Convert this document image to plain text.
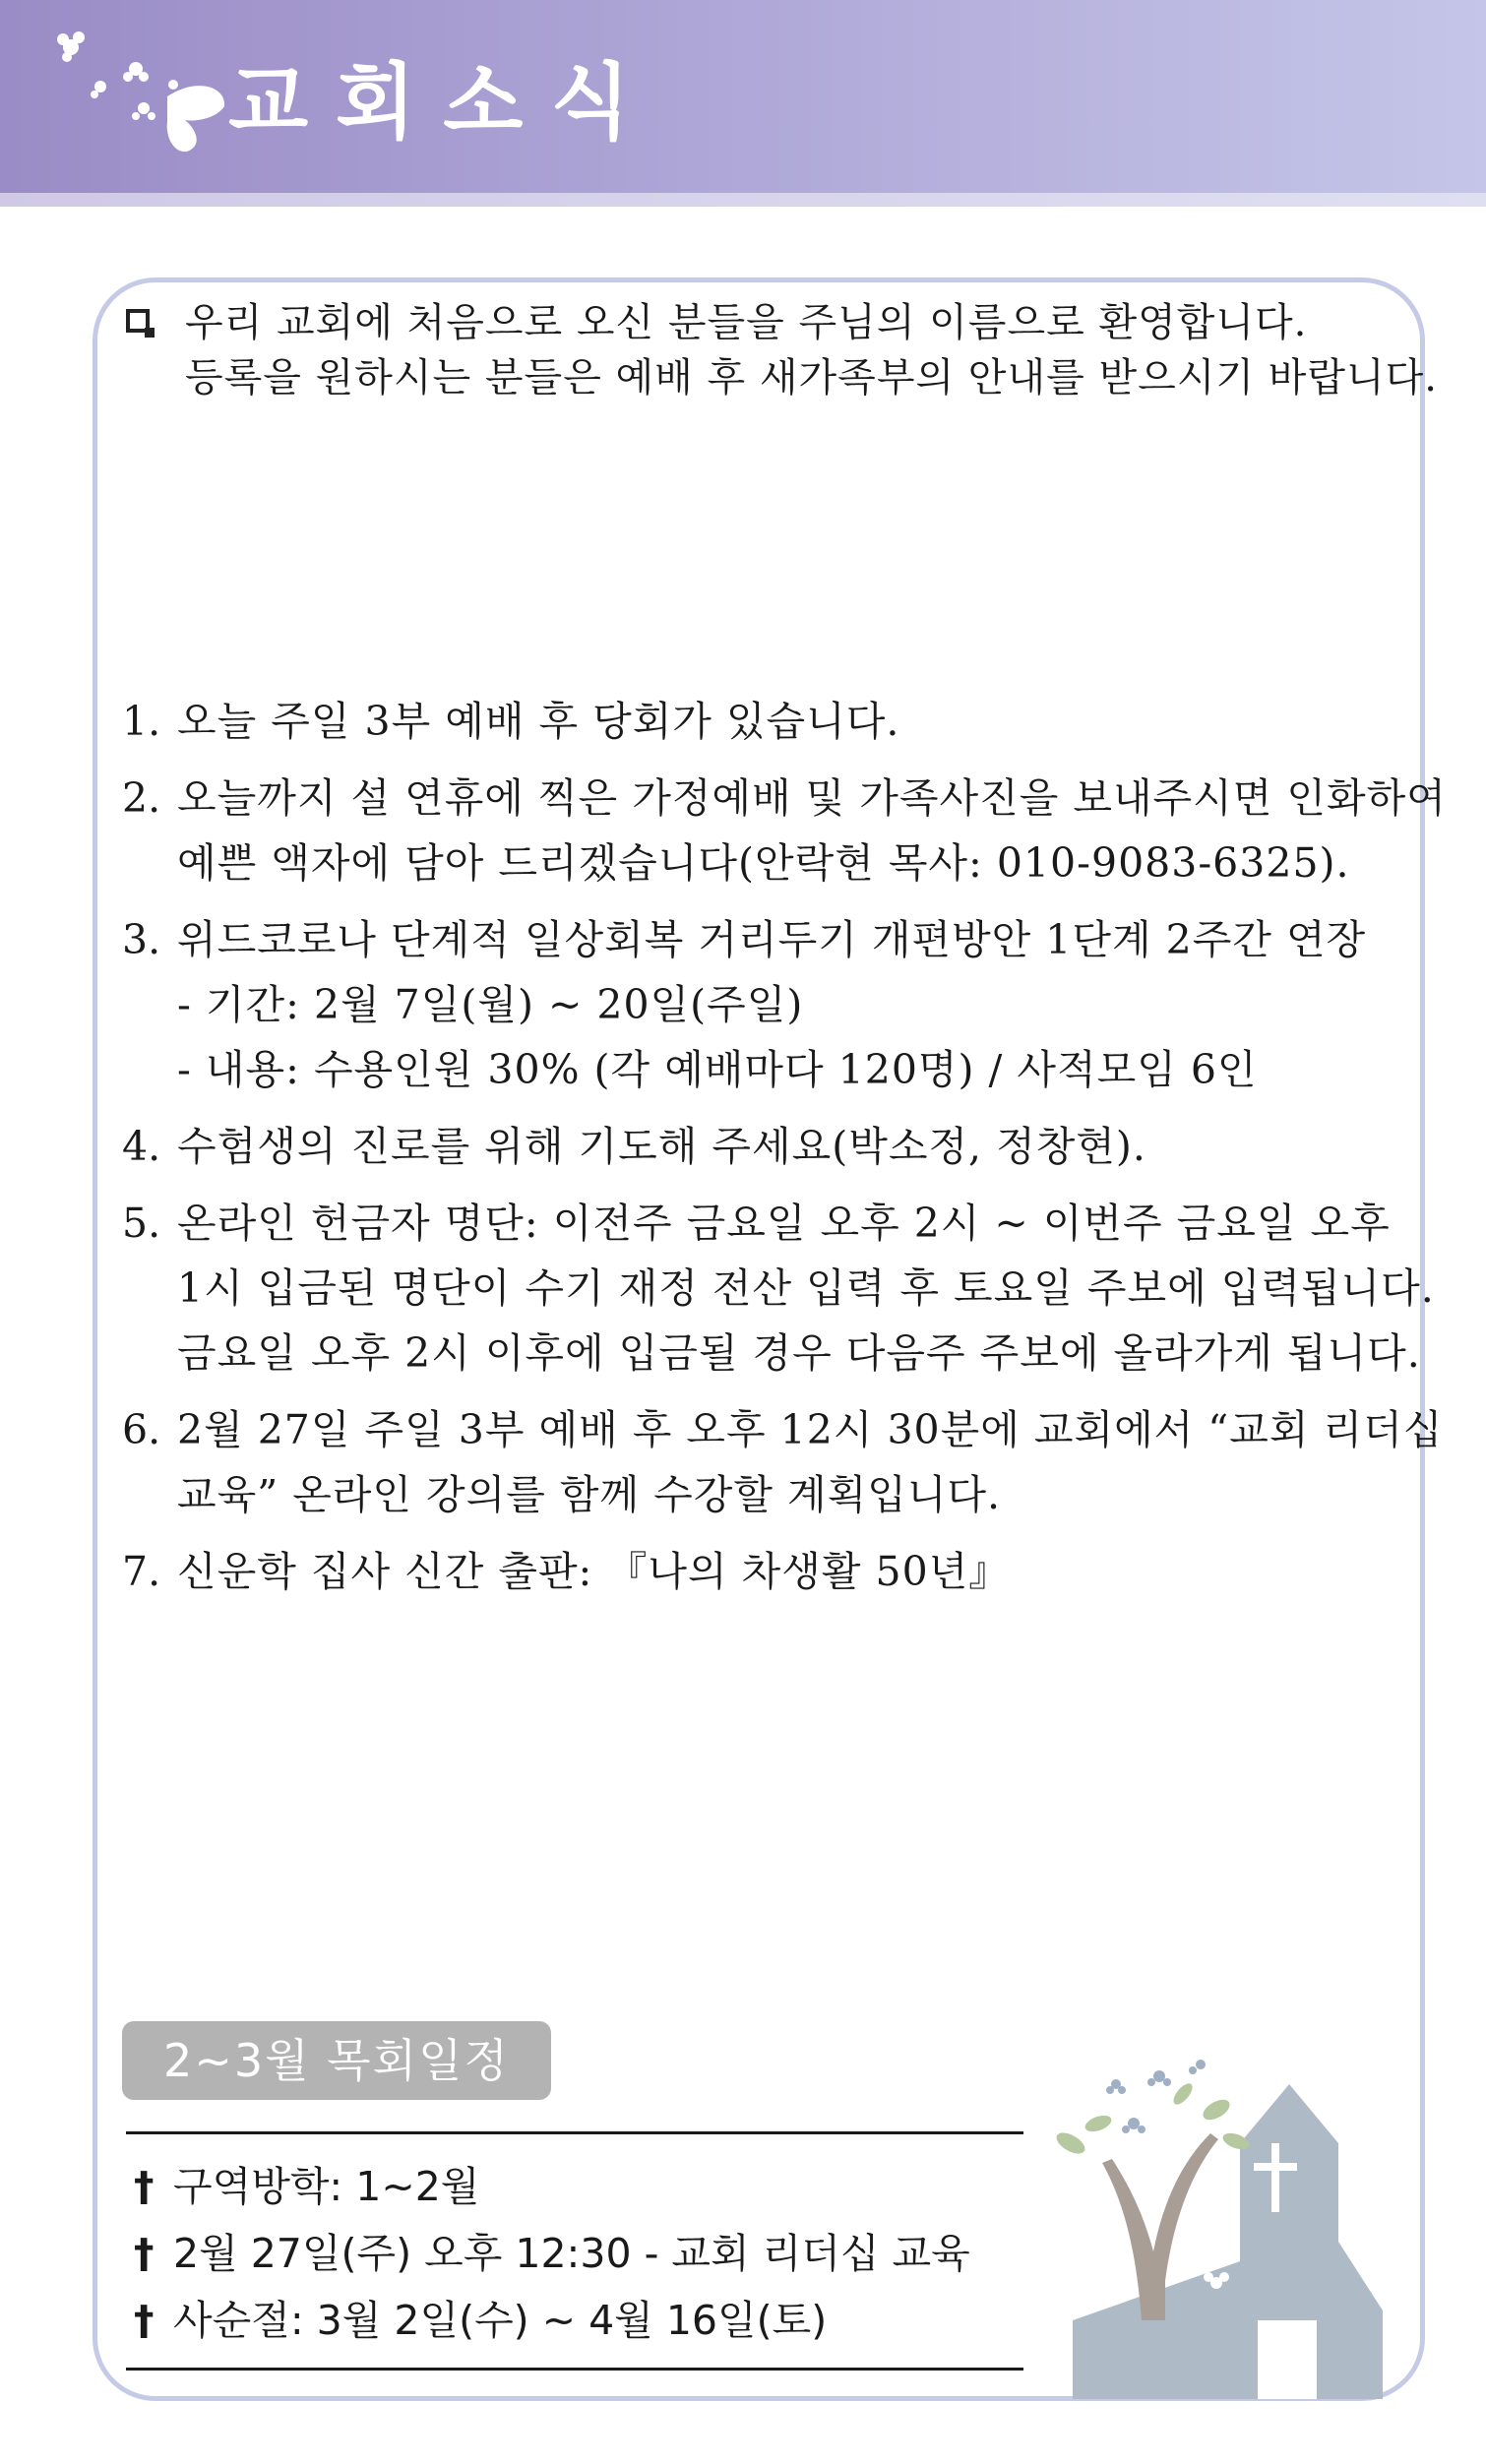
교회소식

우리 교회에 처음으로 오신 분들을 주님의 이름으로 환영합니다.

등록을 원하시는 분들은 예배 후 새가족부의 안내를 받으시기 바랍니다.

1. 오늘 주일 3부 예배 후 당회가 있습니다.
2. 오늘까지 설 연휴에 찍은 가정예배 및 가족사진을 보내주시면 인화하여
예쁜 액자에 담아 드리겠습니다(안락현 목사: 010-9083-6325).
3. 위드코로나 단계적 일상회복 거리두기 개편방안 1단계 2주간 연장
- 기간: 2월 7일(월) ~ 20일(주일)
- 내용: 수용인원 30% (각 예배마다 120명) / 사적모임 6인
4. 수험생의 진로를 위해 기도해 주세요(박소정, 정창현).
5. 온라인 헌금자 명단: 이전주 금요일 오후 2시 ~ 이번주 금요일 오후
1시 입금된 명단이 수기 재정 전산 입력 후 토요일 주보에 입력됩니다.
금요일 오후 2시 이후에 입금될 경우 다음주 주보에 올라가게 됩니다.
6. 2월 27일 주일 3부 예배 후 오후 12시 30분에 교회에서 “교회 리더십
교육” 온라인 강의를 함께 수강할 계획입니다.
7. 신운학 집사 신간 출판: 『나의 차생활 50년』
2~3월 목회일정
† 구역방학: 1~2월
† 2월 27일(주) 오후 12:30 - 교회 리더십 교육
† 사순절: 3월 2일(수) ~ 4월 16일(토)
